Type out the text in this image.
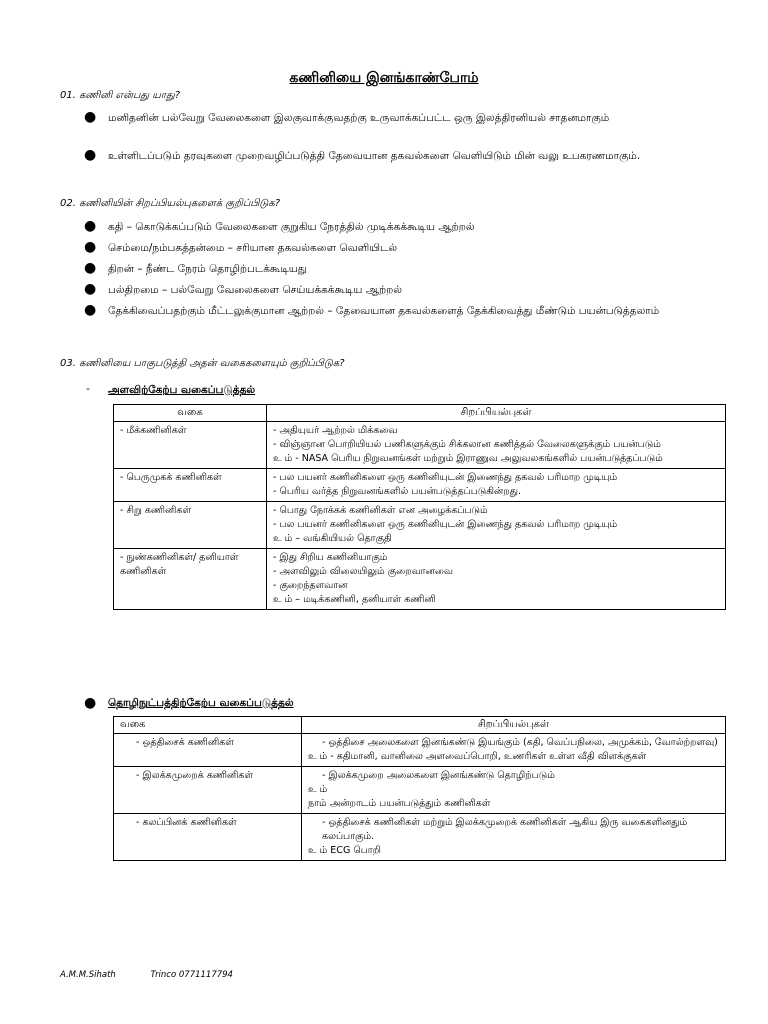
கணினியை இனங்காண்போம்
01. கணினி என்பது யாது?
● மனிதனின் பல்வேறு வேலைகளை இலகுவாக்குவதற்கு உருவாக்கப்பட்ட ஒரு இலத்திரனியல் சாதனமாகும்
● உள்ளிடப்படும் தரவுகளை முறைவழிப்படுத்தி தேவையான தகவல்களை வெளியிடும் மின் வலு உபகரணமாகும்.
02. கணினியின் சிறப்பியல்புகளைக் குறிப்பிடுக?
● கதி – கொடுக்கப்படும் வேலைகளை குறுகிய நேரத்தில் முடிக்கக்கூடிய ஆற்றல்
● செம்மை/நம்பகத்தன்மை – சரியான தகவல்களை வெளியிடல்
● திறன் – நீண்ட நேரம் தொழிற்படக்கூடியது
● பல்திறமை – பல்வேறு வேலைகளை செய்யக்கக்கூடிய ஆற்றல்
● தேக்கிவைப்பதற்கும் மீட்டலுக்குமான ஆற்றல் – தேவையான தகவல்களைத் தேக்கிவைத்து மீண்டும் பயன்படுத்தலாம்
03. கணினியை பாகுபடுத்தி அதன் வகைகளையும் குறிப்பிடுக?
- அளவிற்கேற்ப வகைப்படுத்தல்
வகை	சிறப்பியல்புகள்
- மீக்கணினிகள்	- அதியுயர் ஆற்றல் மிக்கவை
- விஞ்ஞான பொறியியல் பணிகளுக்கும் சிக்கலான கணித்தல் வேலைகளுக்கும் பயன்படும்
உ ம் - NASA பெரிய நிறுவனங்கள் மற்றும் இராணுவ அலுவலகங்களில் பயன்படுத்தப்படும்

- பெருமுகக் கணினிகள்	- பல பயனர் கணினிகளை ஒரு கணினியுடன் இணைந்து தகவல் பரிமாற முடியும்
- பெரிய வர்த்த நிறுவனங்களில் பயன்படுத்தப்படுகின்றது.

- சிறு கணினிகள்	- பொது நோக்கக் கணினிகள் என அழைக்கப்படும்
- பல பயனர் கணினிகளை ஒரு கணினியுடன் இணைந்து தகவல் பரிமாற முடியும்
உ ம் – வங்கியியல் தொகுதி

- நுண்கணினிகள்/ தனியாள் கணினிகள்	- இது சிறிய கணினியாகும்
- அளவிலும் விலையிலும் குறைவானவை
- குறைந்தளவான
உ ம் – மடிக்கணினி, தனியாள் கணினி
● தொழிநுட்பத்திற்கேற்ப வகைப்படுத்தல்
வகை	சிறப்பியல்புகள்
- ஒத்திசைக் கணினிகள்	- ஒத்திசை அலைகளை இனங்கண்டு இயங்கும் (கதி, வெப்பநிலை, அமுக்கம், வோல்ற்றளவு)
உ ம் - கதிமானி, வானிலை அளவைப்பொறி, உணரிகள் உள்ள வீதி விளக்குகள்

- இலக்கமுறைக் கணினிகள்	- இலக்கமுறை அலைகளை இனங்கண்டு தொழிற்படும்
உ ம்
நாம் அன்றாடம் பயன்படுத்தும் கணினிகள்

- கலப்பினக் கணினிகள்	- ஒத்திசைக் கணினிகள் மற்றும் இலக்கமுறைக் கணினிகள் ஆகிய இரு வகைகளினதும் கலப்பாகும்.
உ ம் ECG பொறி
A.M.M.Sihath	Trinco 0771117794
